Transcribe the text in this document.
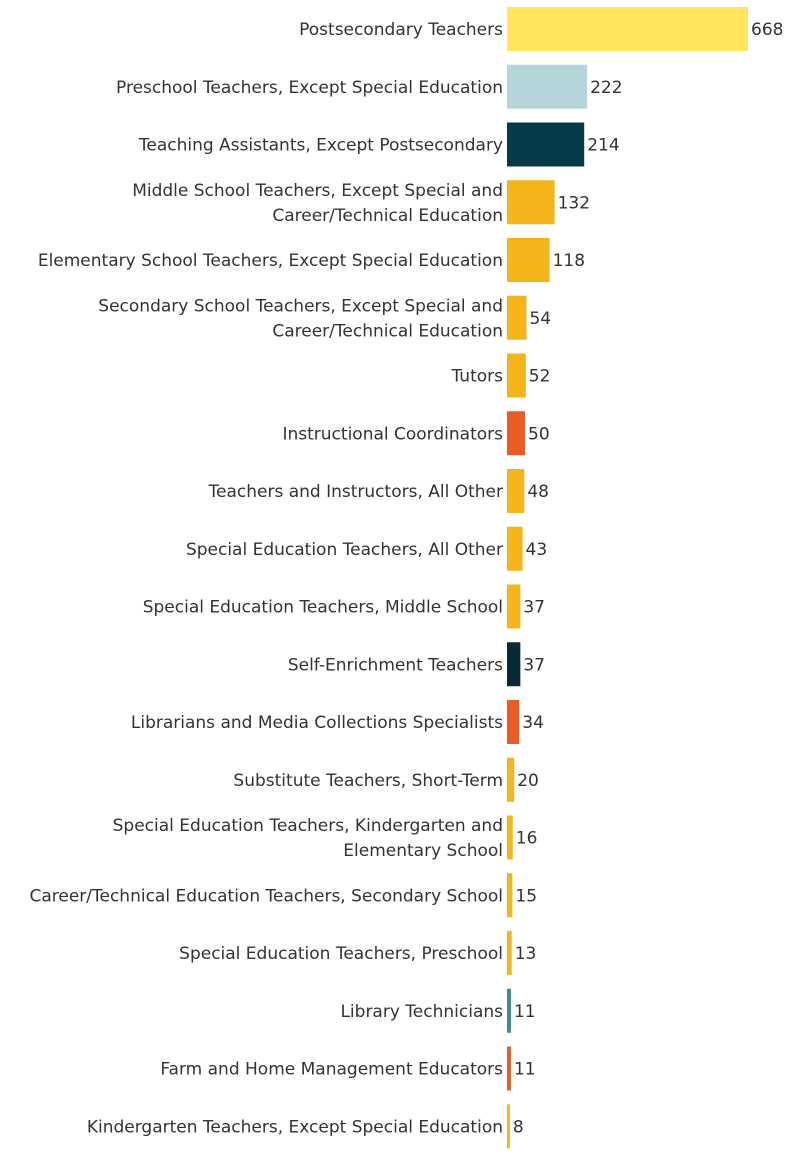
Postsecondary Teachers	668
Preschool Teachers, Except Special Education	222
Teaching Assistants, Except Postsecondary	214
Middle School Teachers, Except Special and Career/Technical Education
132
Elementary School Teachers, Except Special Education	118
Secondary School Teachers, Except Special and Career/Technical Education
54
Tutors 52
Instructional Coordinators 50
Teachers and Instructors, All Other 48
Special Education Teachers, All Other 43
Special Education Teachers, Middle School 37
Self-Enrichment Teachers 37
Librarians and Media Collections Specialists 34
Substitute Teachers, Short-Term 20
Special Education Teachers, Kindergarten and Elementary School
16
Career/Technical Education Teachers, Secondary School 15
Special Education Teachers, Preschool 13
Library Technicians 11
Farm and Home Management Educators 11
Kindergarten Teachers, Except Special Education 8
